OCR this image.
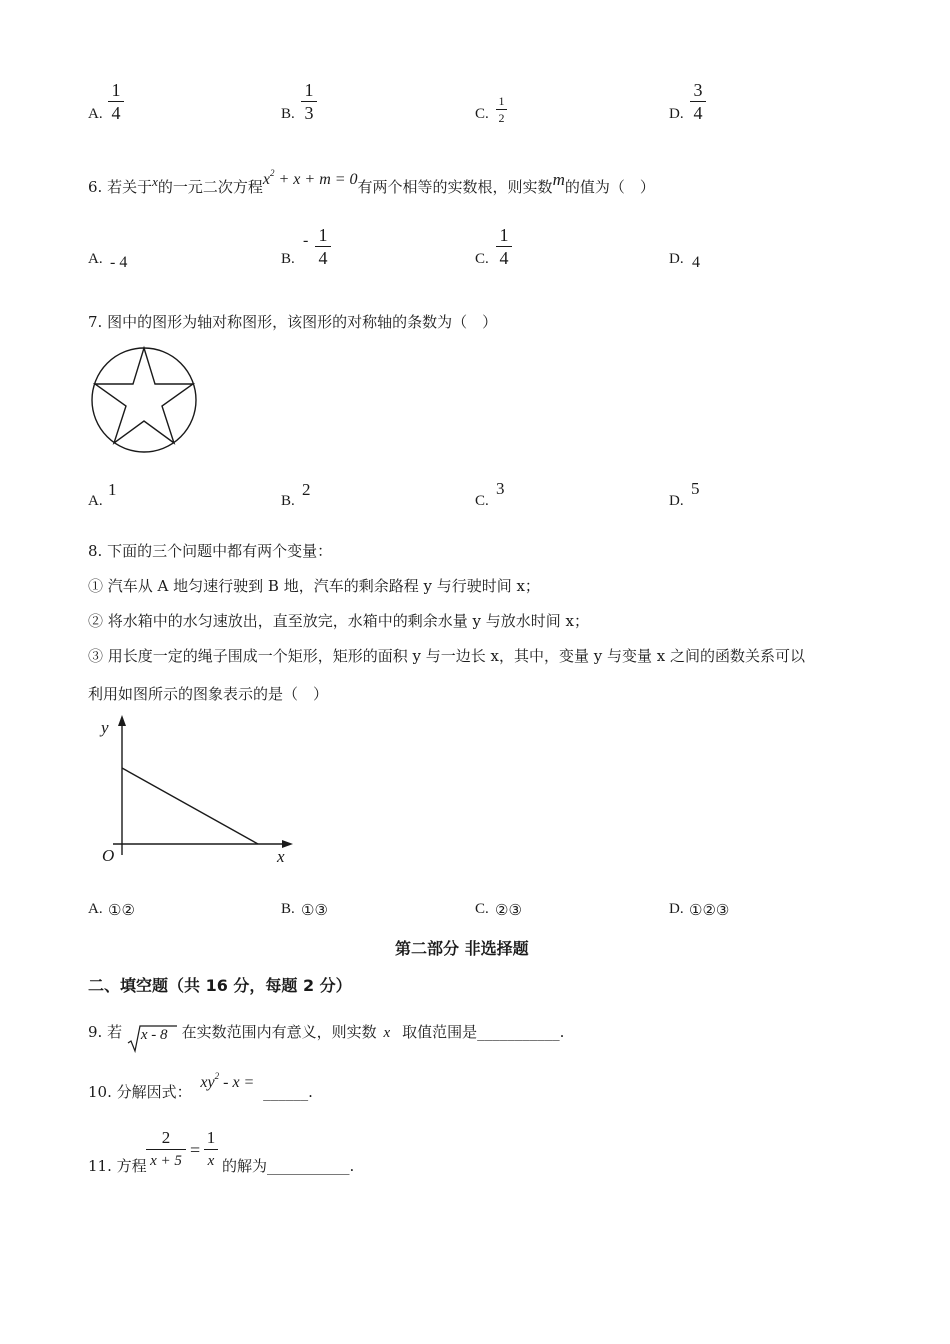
A.
1
4	B.
1
3	C.
1
2	D.
3
4
6. 若关于x的一元二次方程$x^2 + x + m = 0$有两个相等的实数根，则实数m的值为（　）
A. - 4	B.
- 1
4	C.
1
4	D. 4
7. 图中的图形为轴对称图形，该图形的对称轴的条数为（　）
A.
1
B.
2
C.
3
D.
5
8. 下面的三个问题中都有两个变量：
① 汽车从 A 地匀速行驶到 B 地，汽车的剩余路程 y 与行驶时间 x；
② 将水箱中的水匀速放出，直至放完，水箱中的剩余水量 y 与放水时间 x；
③ 用长度一定的绳子围成一个矩形，矩形的面积 y 与一边长 x，其中，变量 y 与变量 x 之间的函数关系可以
利用如图所示的图象表示的是（　）
y
x
O
A. ①②	B. ①③	C. ②③	D. ①②③
第二部分 非选择题
二、填空题（共 16 分，每题 2 分）
9. 若 x - 8 在实数范围内有意义，则实数 x 取值范围是___________.
10. 分解因式： $xy^2$ - x = ______.
11. 方程
2
x + 5
=
1
x 的解为___________.
